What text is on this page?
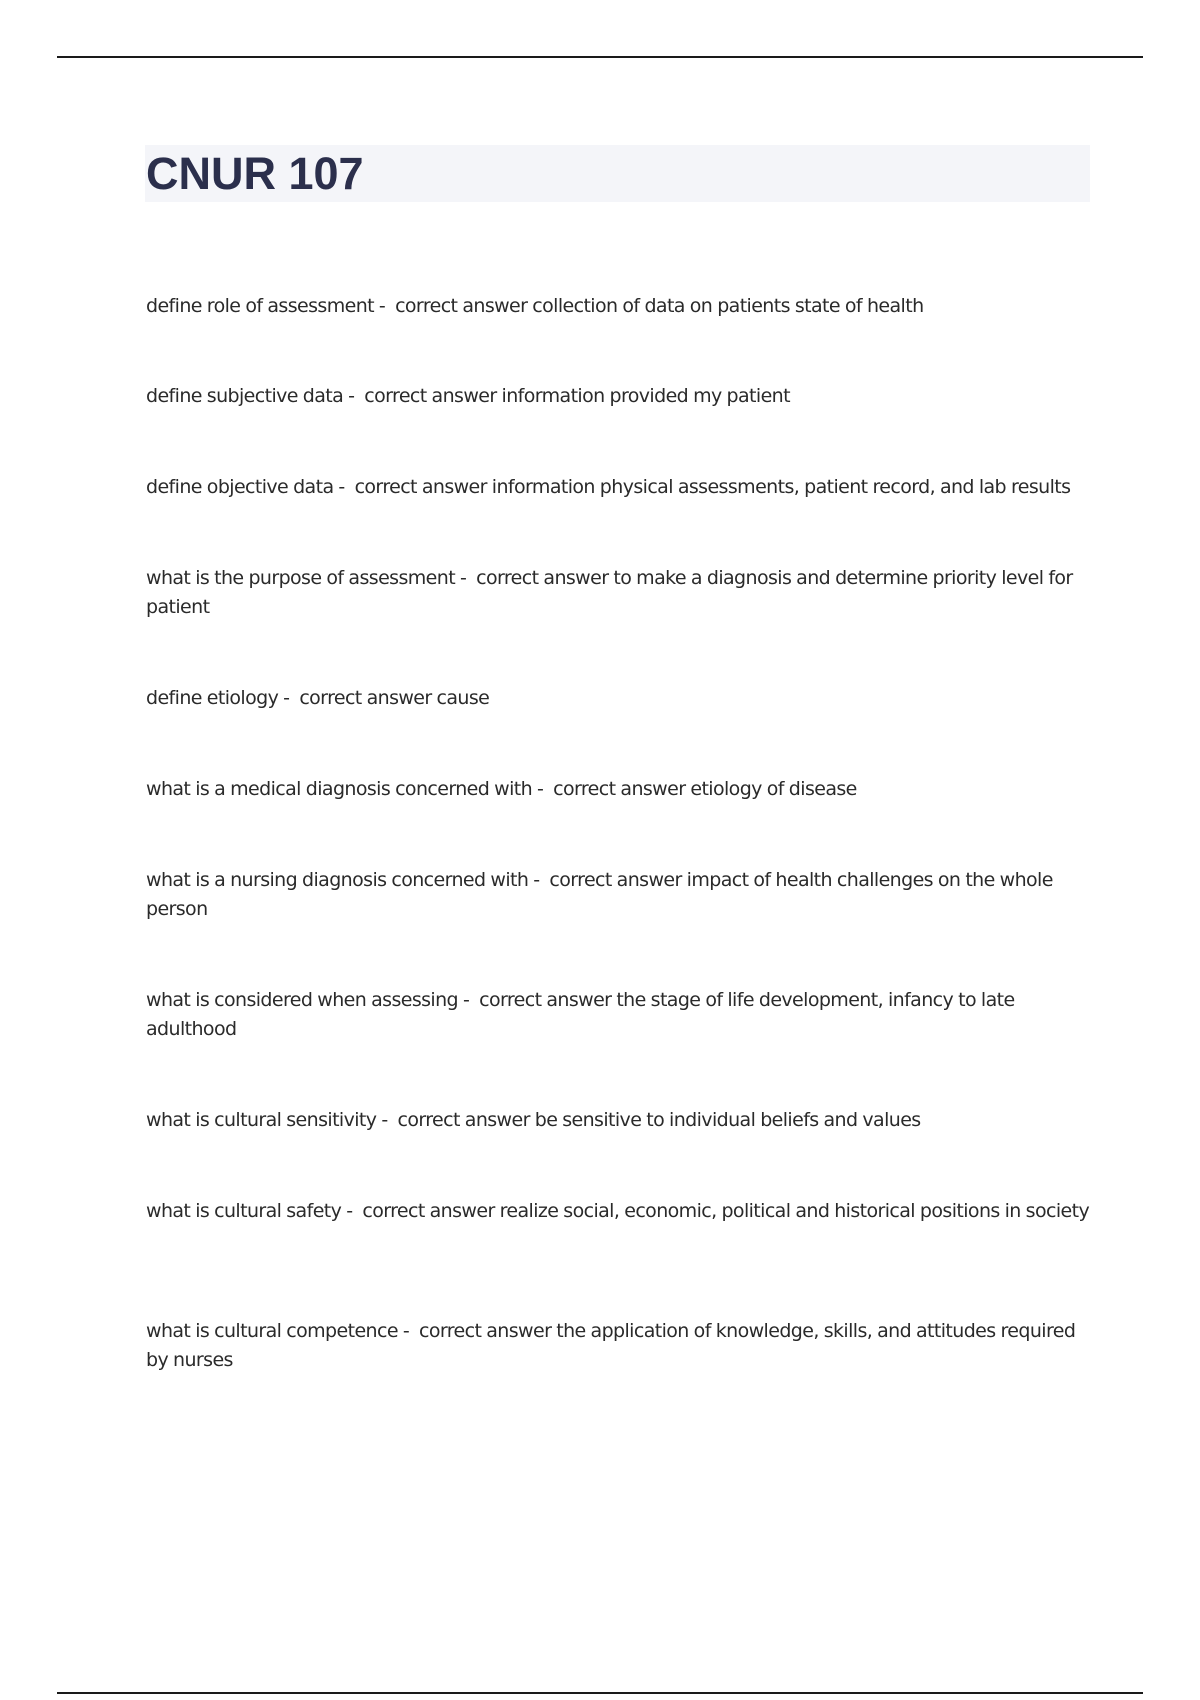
CNUR 107
define role of assessment -  correct answer collection of data on patients state of health
define subjective data -  correct answer information provided my patient
define objective data -  correct answer information physical assessments, patient record, and lab results
what is the purpose of assessment -  correct answer to make a diagnosis and determine priority level for patient
define etiology -  correct answer cause
what is a medical diagnosis concerned with -  correct answer etiology of disease
what is a nursing diagnosis concerned with -  correct answer impact of health challenges on the whole person
what is considered when assessing -  correct answer the stage of life development, infancy to late adulthood
what is cultural sensitivity -  correct answer be sensitive to individual beliefs and values
what is cultural safety -  correct answer realize social, economic, political and historical positions in society
what is cultural competence -  correct answer the application of knowledge, skills, and attitudes required by nurses
